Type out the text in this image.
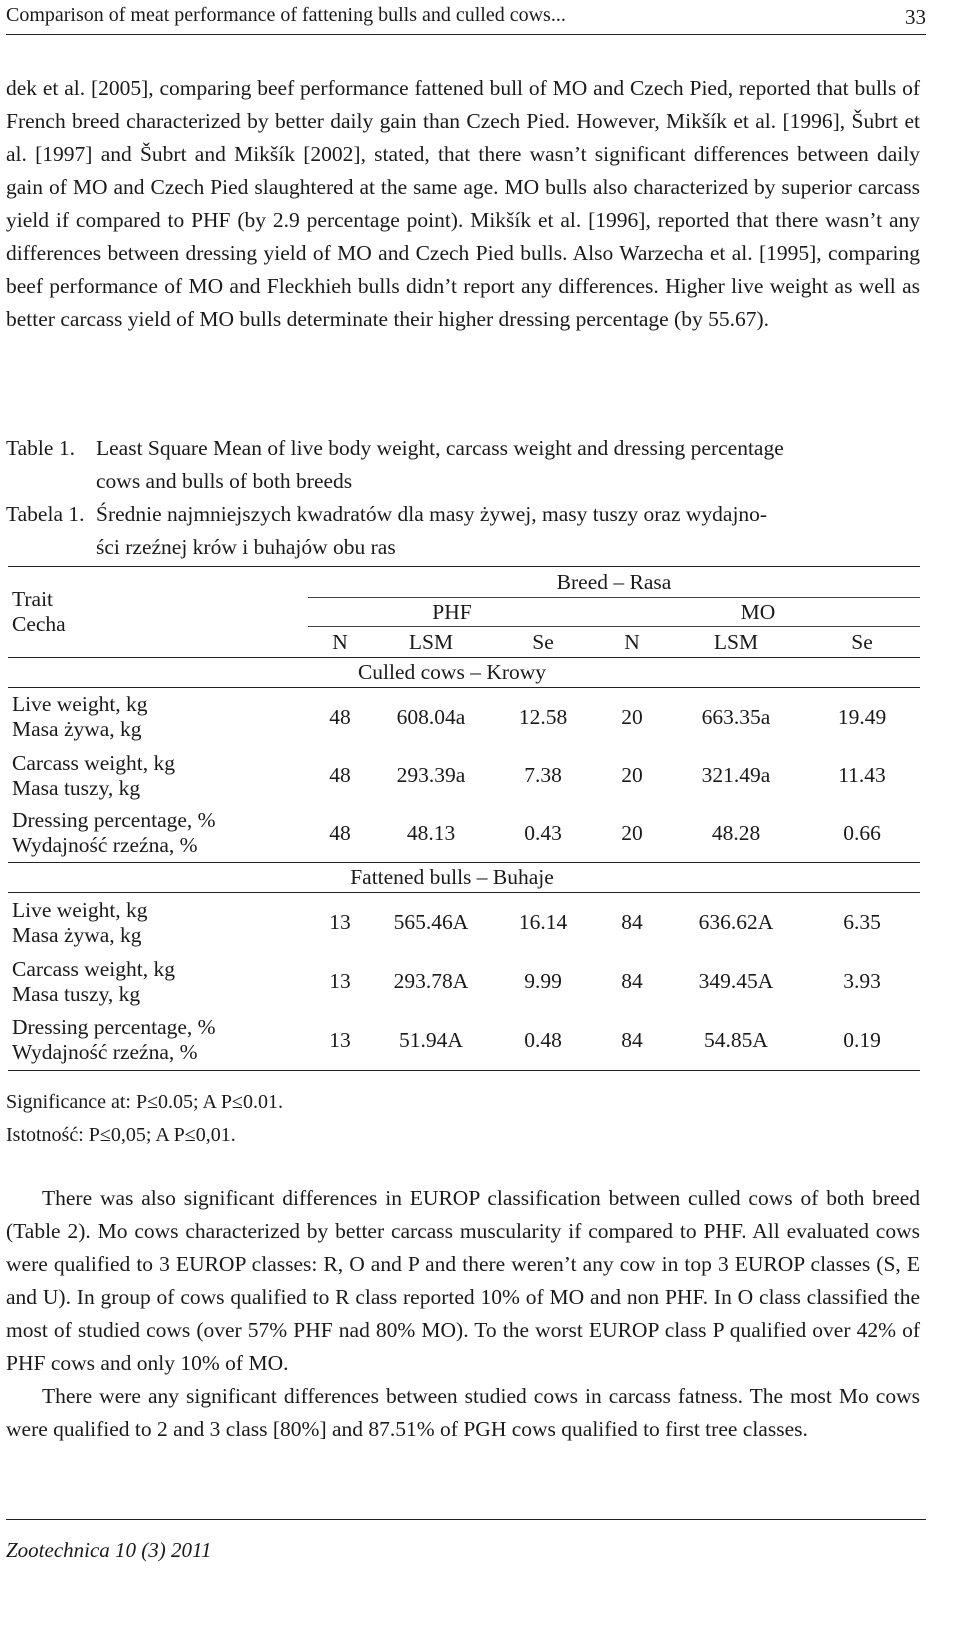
Comparison of meat performance of fattening bulls and culled cows...	33

dek et al. [2005], comparing beef performance fattened bull of MO and Czech Pied, reported that bulls of French breed characterized by better daily gain than Czech Pied. However, Mikšík et al. [1996], Šubrt et al. [1997] and Šubrt and Mikšík [2002], stated, that there wasn’t significant differences between daily gain of MO and Czech Pied slaughtered at the same age. MO bulls also characterized by superior carcass yield if compared to PHF (by 2.9 percentage point). Mikšík et al. [1996], reported that there wasn’t any differences between dressing yield of MO and Czech Pied bulls. Also Warzecha et al. [1995], comparing beef performance of MO and Fleckhieh bulls didn’t report any differences. Higher live weight as well as better carcass yield of MO bulls determinate their higher dressing percentage (by 55.67).

Table 1. Least Square Mean of live body weight, carcass weight and dressing percentage
cows and bulls of both breeds
Tabela 1. Średnie najmniejszych kwadratów dla masy żywej, masy tuszy oraz wydajno-
ści rzeźnej krów i buhajów obu ras
Trait
Cecha	Breed – Rasa					
	PHF			MO		
	N	LSM	Se	N	LSM	Se
	Culled cows – Krowy					

Live weight, kg
Masa żywa, kg	48	608.04a	12.58	20	663.35a	19.49

Carcass weight, kg
Masa tuszy, kg	48	293.39a	7.38	20	321.49a	11.43

Dressing percentage, %
Wydajność rzeźna, %	48	48.13	0.43	20	48.28	0.66
	Fattened bulls – Buhaje					

Live weight, kg
Masa żywa, kg	13	565.46A	16.14	84	636.62A	6.35

Carcass weight, kg
Masa tuszy, kg	13	293.78A	9.99	84	349.45A	3.93

Dressing percentage, %
Wydajność rzeźna, %	13	51.94A	0.48	84	54.85A	0.19
Significance at: P≤0.05; A P≤0.01.
Istotność: P≤0,05; A P≤0,01.

There was also significant differences in EUROP classification between culled cows of both breed (Table 2). Mo cows characterized by better carcass muscularity if compared to PHF. All evaluated cows were qualified to 3 EUROP classes: R, O and P and there weren’t any cow in top 3 EUROP classes (S, E and U). In group of cows qualified to R class reported 10% of MO and non PHF. In O class classified the most of studied cows (over 57% PHF nad 80% MO). To the worst EUROP class P qualified over 42% of PHF cows and only 10% of MO.

There were any significant differences between studied cows in carcass fatness. The most Mo cows were qualified to 2 and 3 class [80%] and 87.51% of PGH cows qualified to first tree classes.

Zootechnica 10 (3) 2011
